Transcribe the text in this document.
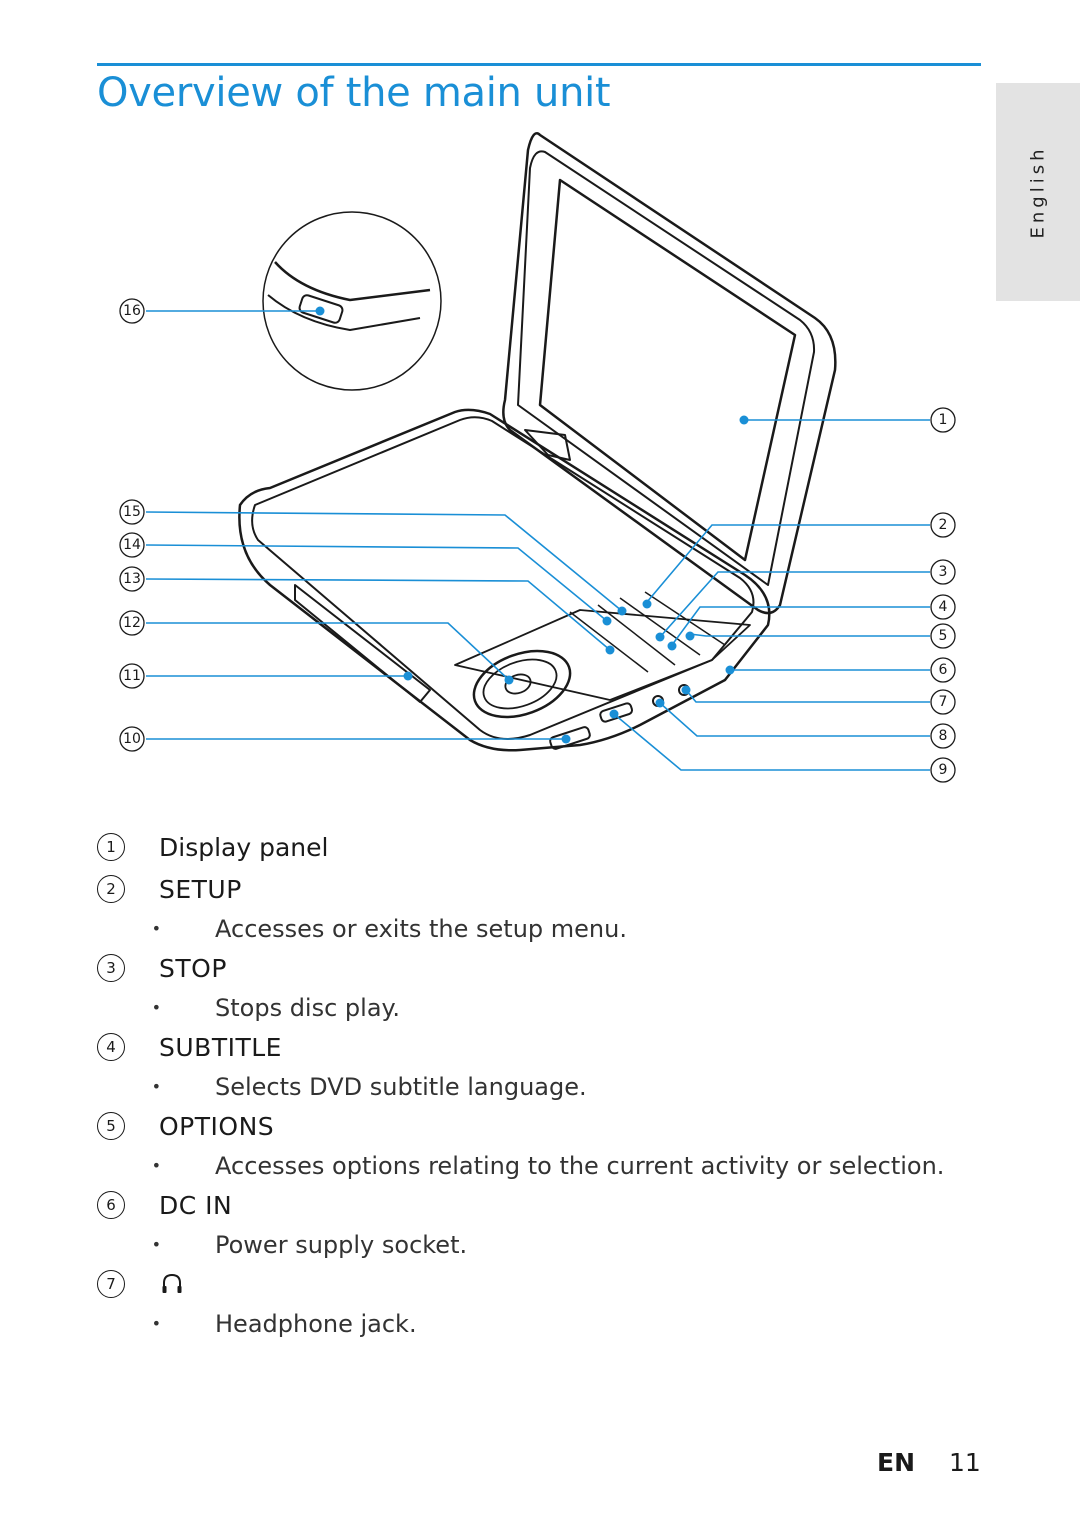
Overview of the main unit
English
1
2
3
4
5
6
7
8
9
10
11
12
13
14
15
16
1	Display panel
2	SETUP
•	Accesses or exits the setup menu.
3	STOP
•	Stops disc play.
4	SUBTITLE
•	Selects DVD subtitle language.
5	OPTIONS
•	Accesses options relating to the current activity or selection.
6	DC IN
•	Power supply socket.
7
•	Headphone jack.
EN 11
